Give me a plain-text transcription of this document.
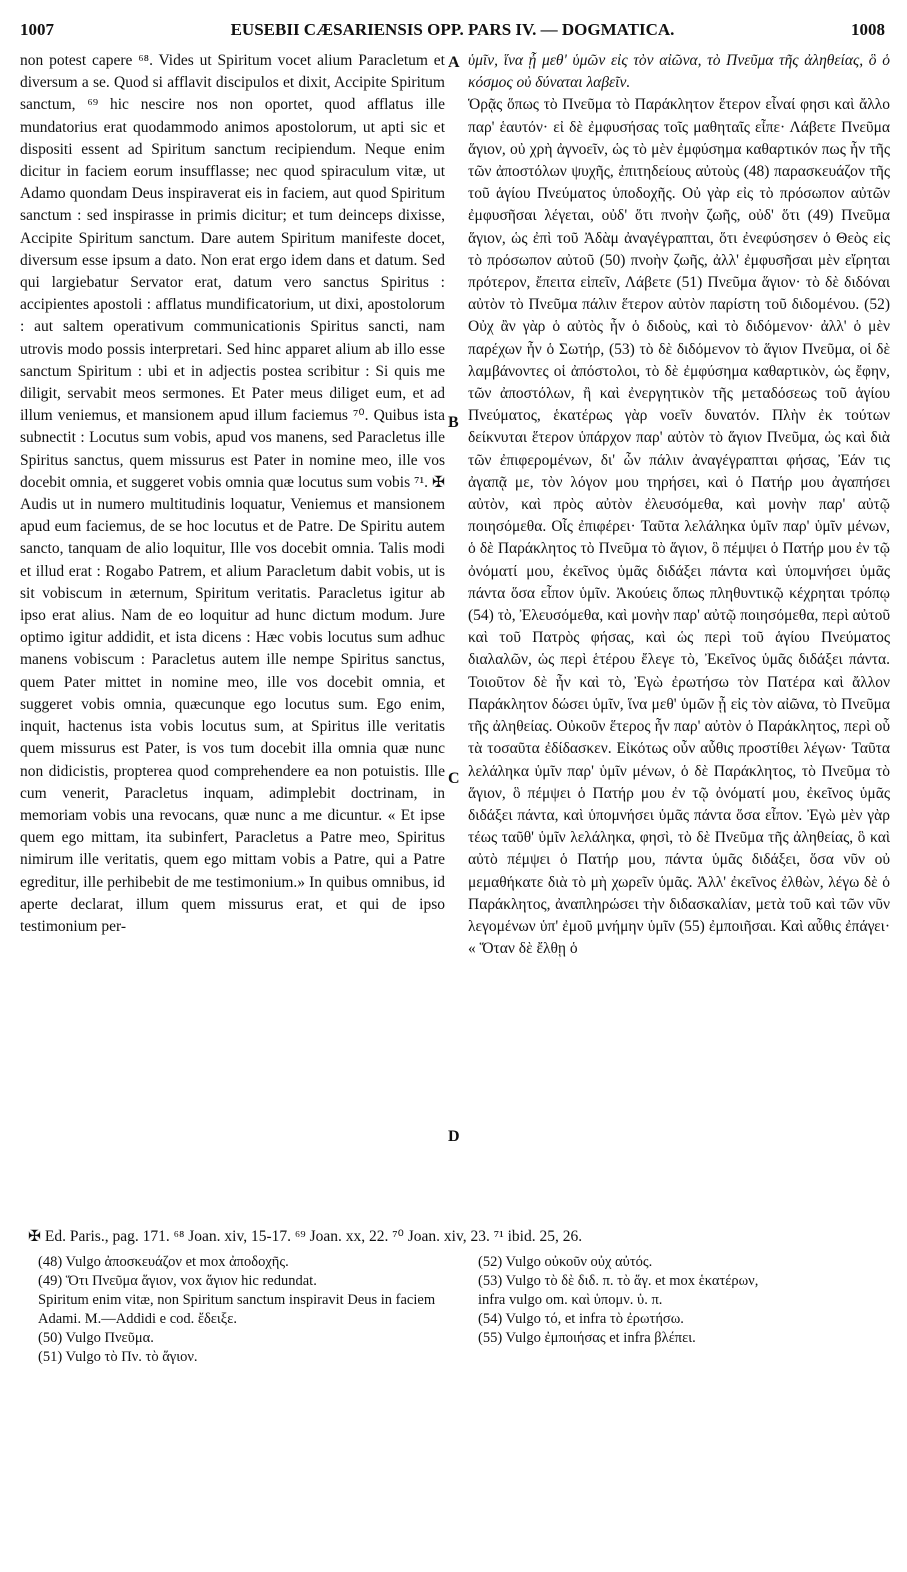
1007	EUSEBII CÆSARIENSIS OPP. PARS IV. — DOGMATICA.	1008

non potest capere ⁶⁸. Vides ut Spiritum vocet alium Paracletum et diversum a se. Quod si afflavit discipulos et dixit, Accipite Spiritum sanctum, ⁶⁹ hic nescire nos non oportet, quod afflatus ille mundatorius erat quodammodo animos apostolorum, ut apti sic et dispositi essent ad Spiritum sanctum recipiendum. Neque enim dicitur in faciem eorum insufflasse; nec quod spiraculum vitæ, ut Adamo quondam Deus inspiraverat eis in faciem, aut quod Spiritum sanctum : sed inspirasse in primis dicitur; et tum deinceps dixisse, Accipite Spiritum sanctum. Dare autem Spiritum manifeste docet, diversum esse ipsum a dato. Non erat ergo idem dans et datum. Sed qui largiebatur Servator erat, datum vero sanctus Spiritus : accipientes apostoli : afflatus mundificatorium, ut dixi, apostolorum : aut saltem operativum communicationis Spiritus sancti, nam utrovis modo possis interpretari. Sed hinc apparet alium ab illo esse sanctum Spiritum : ubi et in adjectis postea scribitur : Si quis me diligit, servabit meos sermones. Et Pater meus diliget eum, et ad illum veniemus, et mansionem apud illum faciemus ⁷⁰. Quibus ista subnectit : Locutus sum vobis, apud vos manens, sed Paracletus ille Spiritus sanctus, quem missurus est Pater in nomine meo, ille vos docebit omnia, et suggeret vobis omnia quæ locutus sum vobis ⁷¹. ✠ Audis ut in numero multitudinis loquatur, Veniemus et mansionem apud eum faciemus, de se hoc locutus et de Patre. De Spiritu autem sancto, tanquam de alio loquitur, Ille vos docebit omnia. Talis modi et illud erat : Rogabo Patrem, et alium Paracletum dabit vobis, ut is sit vobiscum in æternum, Spiritum veritatis. Paracletus igitur ab ipso erat alius. Nam de eo loquitur ad hunc dictum modum. Jure optimo igitur addidit, et ista dicens : Hæc vobis locutus sum adhuc manens vobiscum : Paracletus autem ille nempe Spiritus sanctus, quem Pater mittet in nomine meo, ille vos docebit omnia, et suggeret vobis omnia, quæcunque ego locutus sum. Ego enim, inquit, hactenus ista vobis locutus sum, at Spiritus ille veritatis quem missurus est Pater, is vos tum docebit illa omnia quæ nunc non didicistis, propterea quod comprehendere ea non potuistis. Ille cum venerit, Paracletus inquam, adimplebit doctrinam, in memoriam vobis una revocans, quæ nunc a me dicuntur. « Et ipse quem ego mittam, ita subinfert, Paracletus a Patre meo, Spiritus nimirum ille veritatis, quem ego mittam vobis a Patre, qui a Patre egreditur, ille perhibebit de me testimonium.» In quibus omnibus, id aperte declarat, illum quem missurus erat, et qui de ipso testimonium per-

A
B
C
D

ὑμῖν, ἵνα ᾖ μεθ' ὑμῶν εἰς τὸν αἰῶνα, τὸ Πνεῦμα τῆς ἀληθείας, ὃ ὁ κόσμος οὐ δύναται λαβεῖν.

Ὁρᾷς ὅπως τὸ Πνεῦμα τὸ Παράκλητον ἕτερον εἶναί φησι καὶ ἄλλο παρ' ἑαυτόν· εἰ δὲ ἐμφυσήσας τοῖς μαθηταῖς εἶπε· Λάβετε Πνεῦμα ἅγιον, οὐ χρὴ ἀγνοεῖν, ὡς τὸ μὲν ἐμφύσημα καθαρτικόν πως ἦν τῆς τῶν ἀποστόλων ψυχῆς, ἐπιτηδείους αὐτοὺς (48) παρασκευάζον τῆς τοῦ ἁγίου Πνεύματος ὑποδοχῆς. Οὐ γὰρ εἰς τὸ πρόσωπον αὐτῶν ἐμφυσῆσαι λέγεται, οὐδ' ὅτι πνοὴν ζωῆς, οὐδ' ὅτι (49) Πνεῦμα ἅγιον, ὡς ἐπὶ τοῦ Ἀδὰμ ἀναγέγραπται, ὅτι ἐνεφύσησεν ὁ Θεὸς εἰς τὸ πρόσωπον αὐτοῦ (50) πνοὴν ζωῆς, ἀλλ' ἐμφυσῆσαι μὲν εἴρηται πρότερον, ἔπειτα εἰπεῖν, Λάβετε (51) Πνεῦμα ἅγιον· τὸ δὲ διδόναι αὐτὸν τὸ Πνεῦμα πάλιν ἕτερον αὐτὸν παρίστη τοῦ διδομένου. (52) Οὐχ ἂν γὰρ ὁ αὐτὸς ἦν ὁ διδοὺς, καὶ τὸ διδόμενον· ἀλλ' ὁ μὲν παρέχων ἦν ὁ Σωτήρ, (53) τὸ δὲ διδόμενον τὸ ἅγιον Πνεῦμα, οἱ δὲ λαμβάνοντες οἱ ἀπόστολοι, τὸ δὲ ἐμφύσημα καθαρτικὸν, ὡς ἔφην, τῶν ἀποστόλων, ἢ καὶ ἐνεργητικὸν τῆς μεταδόσεως τοῦ ἁγίου Πνεύματος, ἑκατέρως γὰρ νοεῖν δυνατόν. Πλὴν ἐκ τούτων δείκνυται ἕτερον ὑπάρχον παρ' αὐτὸν τὸ ἅγιον Πνεῦμα, ὡς καὶ διὰ τῶν ἐπιφερομένων, δι' ὧν πάλιν ἀναγέγραπται φήσας, Ἐάν τις ἀγαπᾷ με, τὸν λόγον μου τηρήσει, καὶ ὁ Πατήρ μου ἀγαπήσει αὐτὸν, καὶ πρὸς αὐτὸν ἐλευσόμεθα, καὶ μονὴν παρ' αὐτῷ ποιησόμεθα. Οἷς ἐπιφέρει· Ταῦτα λελάληκα ὑμῖν παρ' ὑμῖν μένων, ὁ δὲ Παράκλητος τὸ Πνεῦμα τὸ ἅγιον, ὃ πέμψει ὁ Πατήρ μου ἐν τῷ ὀνόματί μου, ἐκεῖνος ὑμᾶς διδάξει πάντα καὶ ὑπομνήσει ὑμᾶς πάντα ὅσα εἶπον ὑμῖν. Ἀκούεις ὅπως πληθυντικῷ κέχρηται τρόπῳ (54) τὸ, Ἐλευσόμεθα, καὶ μονὴν παρ' αὐτῷ ποιησόμεθα, περὶ αὐτοῦ καὶ τοῦ Πατρὸς φήσας, καὶ ὡς περὶ τοῦ ἁγίου Πνεύματος διαλαλῶν, ὡς περὶ ἑτέρου ἔλεγε τὸ, Ἐκεῖνος ὑμᾶς διδάξει πάντα. Τοιοῦτον δὲ ἦν καὶ τὸ, Ἐγὼ ἐρωτήσω τὸν Πατέρα καὶ ἄλλον Παράκλητον δώσει ὑμῖν, ἵνα μεθ' ὑμῶν ᾖ εἰς τὸν αἰῶνα, τὸ Πνεῦμα τῆς ἀληθείας. Οὐκοῦν ἕτερος ἦν παρ' αὐτὸν ὁ Παράκλητος, περὶ οὗ τὰ τοσαῦτα ἐδίδασκεν. Εἰκότως οὖν αὖθις προστίθει λέγων· Ταῦτα λελάληκα ὑμῖν παρ' ὑμῖν μένων, ὁ δὲ Παράκλητος, τὸ Πνεῦμα τὸ ἅγιον, ὃ πέμψει ὁ Πατήρ μου ἐν τῷ ὀνόματί μου, ἐκεῖνος ὑμᾶς διδάξει πάντα, καὶ ὑπομνήσει ὑμᾶς πάντα ὅσα εἶπον. Ἐγὼ μὲν γὰρ τέως ταῦθ' ὑμῖν λελάληκα, φησὶ, τὸ δὲ Πνεῦμα τῆς ἀληθείας, ὃ καὶ αὐτὸ πέμψει ὁ Πατήρ μου, πάντα ὑμᾶς διδάξει, ὅσα νῦν οὐ μεμαθήκατε διὰ τὸ μὴ χωρεῖν ὑμᾶς. Ἀλλ' ἐκεῖνος ἐλθὼν, λέγω δὲ ὁ Παράκλητος, ἀναπληρώσει τὴν διδασκαλίαν, μετὰ τοῦ καὶ τῶν νῦν λεγομένων ὑπ' ἐμοῦ μνήμην ὑμῖν (55) ἐμποιῆσαι. Καὶ αὖθις ἐπάγει· « Ὅταν δὲ ἔλθῃ ὁ

✠ Ed. Paris., pag. 171. ⁶⁸ Joan. xiv, 15-17. ⁶⁹ Joan. xx, 22. ⁷⁰ Joan. xiv, 23. ⁷¹ ibid. 25, 26.
(48) Vulgo ἀποσκευάζον et mox ἀποδοχῆς.
(49) Ὅτι Πνεῦμα ἅγιον, vox ἅγιον hic redundat.
Spiritum enim vitæ, non Spiritum sanctum inspiravit Deus in faciem Adami. M.—Addidi e cod. ἔδειξε.
(50) Vulgo Πνεῦμα.
(51) Vulgo τὸ Πν. τὸ ἅγιον.
(52) Vulgo οὐκοῦν οὐχ αὐτός.
(53) Vulgo τὸ δὲ διδ. π. τὸ ἅγ. et mox ἑκατέρων,
infra vulgo om. καὶ ὑπομν. ὑ. π.
(54) Vulgo τό, et infra τὸ ἐρωτήσω.
(55) Vulgo ἐμποιήσας et infra βλέπει.
